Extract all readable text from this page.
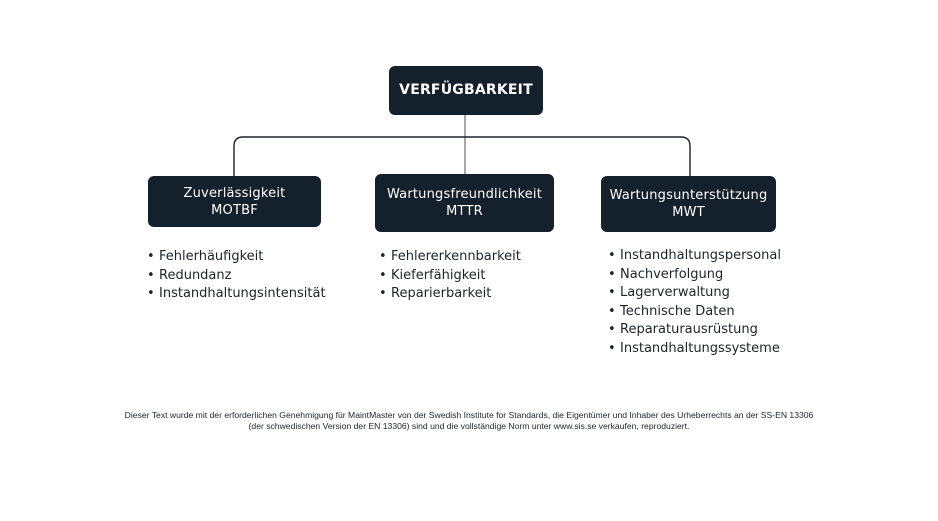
VERFÜGBARKEIT
Zuverlässigkeit
MOTBF
Wartungsfreundlichkeit
MTTR
Wartungsunterstützung
MWT
• Fehlerhäufigkeit
• Redundanz
• Instandhaltungsintensität
• Fehlererkennbarkeit
• Kieferfähigkeit
• Reparierbarkeit
• Instandhaltungspersonal
• Nachverfolgung
• Lagerverwaltung
• Technische Daten
• Reparaturausrüstung
• Instandhaltungssysteme
Dieser Text wurde mit der erforderlichen Genehmigung für MaintMaster von der Swedish Institute for Standards, die Eigentümer und Inhaber des Urheberrechts an der SS-EN 13306
(der schwedischen Version der EN 13306) sind und die vollständige Norm unter www.sis.se verkaufen, reproduziert.
